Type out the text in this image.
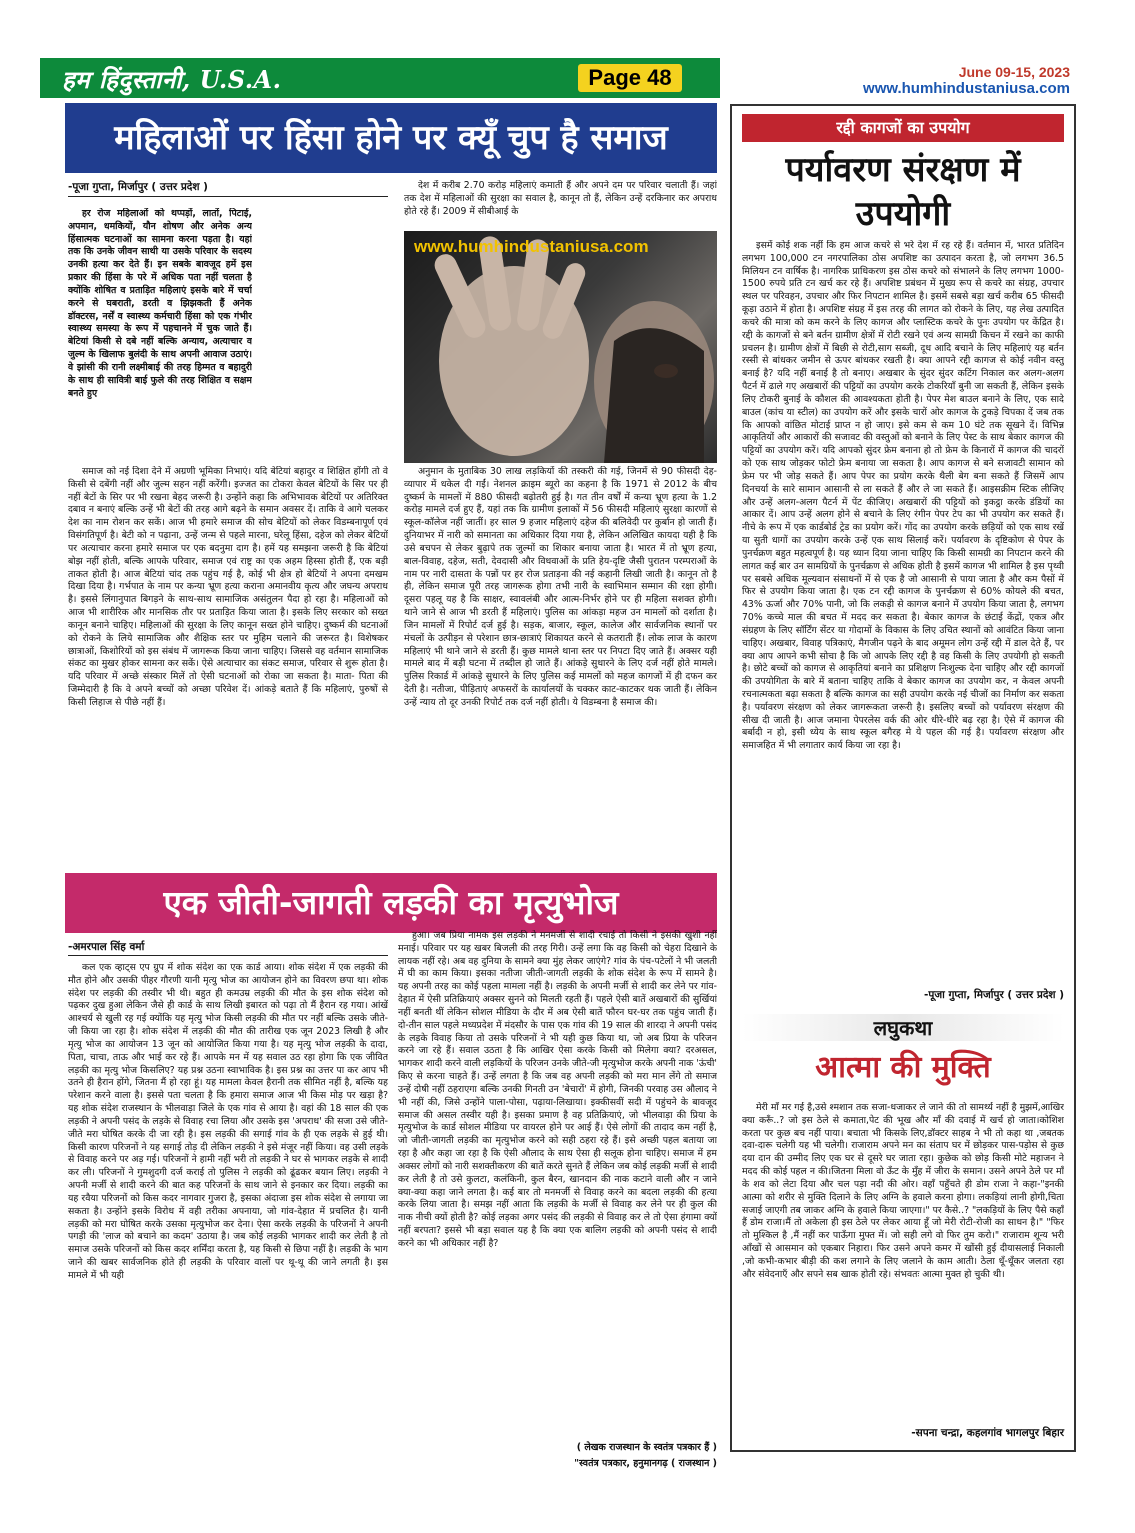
हम हिंदुस्तानी, U.S.A.	Page 48	June 09-15, 2023
www.humhindustaniusa.com
महिलाओं पर हिंसा होने पर क्यूँ चुप है समाज
-पूजा गुप्ता, मिर्जापुर ( उत्तर प्रदेश )

हर रोज महिलाओं को थप्पड़ों, लातों, पिटाई, अपमान, धमकियों, यौन शोषण और अनेक अन्य हिंसात्मक घटनाओं का सामना करना पड़ता है। यहां तक कि उनके जीवन साथी या उसके परिवार के सदस्य उनकी हत्या कर देते हैं। इन सबके बावजूद हमें इस प्रकार की हिंसा के परे में अधिक पता नहीं चलता है क्योंकि शोषित व प्रताड़ित महिलाएं इसके बारे में चर्चा करने से घबराती, डरती व झिझकती हैं अनेक डॉक्टरस, नर्सें व स्वास्थ्य कर्मचारी हिंसा को एक गंभीर स्वास्थ्य समस्या के रूप में पहचानने में चुक जाते हैं। बेटियां किसी से दबे नहीं बल्कि अन्याय, अत्याचार व जुल्म के खिलाफ बुलंदी के साथ अपनी आवाज उठाएं।वे झांसी की रानी लक्ष्मीबाई की तरह हिम्मत व बहादुरी के साथ ही सावित्री बाई फुले की तरह शिक्षित व सक्षम बनते हुए

देश में करीब 2.70 करोड़ महिलाएं कमाती हैं और अपने दम पर परिवार चलाती हैं। जहां तक देश में महिलाओं की सुरक्षा का सवाल है, कानून तो हैं, लेकिन उन्हें दरकिनार कर अपराध होते रहे हैं। 2009 में सीबीआई के

www.humhindustaniusa.com

समाज को नई दिशा देने में अग्रणी भूमिका निभाएं। यदि बेटियां बहादुर व शिक्षित होंगी तो वे किसी से दबेंगी नहीं और जुल्म सहन नहीं करेंगी। इज्जत का टोकरा केवल बेटियों के सिर पर ही नहीं बेटों के सिर पर भी रखना बेहद जरूरी है। उन्होंने कहा कि अभिभावक बेटियों पर अतिरिक्त दबाव न बनाएं बल्कि उन्हें भी बेटों की तरह आगे बढ़ने के समान अवसर दें। ताकि वे आगे चलकर देश का नाम रोशन कर सकें। आज भी हमारे समाज की सोच बेटियों को लेकर विडम्बनापूर्ण एवं विसंगतिपूर्ण है। बेटी को न पढ़ाना, उन्हें जन्म से पहले मारना, घरेलू हिंसा, दहेज को लेकर बेटियों पर अत्याचार करना हमारे समाज पर एक बदनुमा दाग है। हमें यह समझना जरूरी है कि बेटियां बोझ नहीं होती, बल्कि आपके परिवार, समाज एवं राष्ट्र का एक अहम हिस्सा होती हैं, एक बड़ी ताकत होती है। आज बेटियां चांद तक पहुंच गई है, कोई भी क्षेत्र हो बेटियों ने अपना दमखम दिखा दिया है। गर्भपात के नाम पर कन्या भ्रूण हत्या कराना अमानवीय कृत्य और जघन्य अपराध है। इससे लिंगानुपात बिगड़ने के साथ-साथ सामाजिक असंतुलन पैदा हो रहा है। महिलाओं को आज भी शारीरिक और मानसिक तौर पर प्रताड़ित किया जाता है। इसके लिए सरकार को सख्त कानून बनाने चाहिए। महिलाओं की सुरक्षा के लिए कानून सख्त होने चाहिए। दुष्कर्म की घटनाओं को रोकने के लिये सामाजिक और शैक्षिक स्तर पर मुहिम चलाने की जरूरत है। विशेषकर छात्राओं, किशोरियों को इस संबंध में जागरूक किया जाना चाहिए। जिससे वह वर्तमान सामाजिक संकट का मुखर होकर सामना कर सकें। ऐसे अत्याचार का संकट समाज, परिवार से शुरू होता है। यदि परिवार में अच्छे संस्कार मिलें तो ऐसी घटनाओं को रोका जा सकता है। माता- पिता की जिम्मेदारी है कि वे अपने बच्चों को अच्छा परिवेश दें। आंकड़े बताते हैं कि महिलाएं, पुरुषों से किसी लिहाज से पीछे नहीं हैं।

अनुमान के मुताबिक 30 लाख लड़कियों की तस्करी की गई, जिनमें से 90 फीसदी देह-व्यापार में धकेल दी गईं। नेशनल क्राइम ब्यूरो का कहना है कि 1971 से 2012 के बीच दुष्कर्म के मामलों में 880 फीसदी बढ़ोतरी हुई है। गत तीन वर्षों में कन्या भ्रूण हत्या के 1.2 करोड़ मामले दर्ज हुए हैं, यहां तक कि ग्रामीण इलाकों में 56 फीसदी महिलाएं सुरक्षा कारणों से स्कूल-कॉलेज नहीं जातीं। हर साल 9 हजार महिलाएं दहेज की बलिवेदी पर कुर्बान हो जाती हैं। दुनियाभर में नारी को समानता का अधिकार दिया गया है, लेकिन अलिखित कायदा यही है कि उसे बचपन से लेकर बुढ़ापे तक जुल्मों का शिकार बनाया जाता है। भारत में तो भ्रूण हत्या, बाल-विवाह, दहेज, सती, देवदासी और विधवाओं के प्रति हेय-दृष्टि जैसी पुरातन परम्पराओं के नाम पर नारी दासता के पन्नों पर हर रोज प्रताड़ना की नई कहानी लिखी जाती है। कानून तो है ही, लेकिन समाज पूरी तरह जागरूक होगा तभी नारी के स्वाभिमान सम्मान की रक्षा होगी। दूसरा पहलू यह है कि साक्षर, स्वावलंबी और आत्म-निर्भर होने पर ही महिला सशक्त होगी। थाने जाने से आज भी डरती हैं महिलाएं। पुलिस का आंकड़ा महज उन मामलों को दर्शाता है। जिन मामलों में रिपोर्ट दर्ज हुई है। सड़क, बाजार, स्कूल, कालेज और सार्वजनिक स्थानों पर मंचलों के उत्पीड़न से परेशान छात्र-छात्राएं शिकायत करने से कतराती हैं। लोक लाज के कारण महिलाएं भी थाने जाने से डरती हैं। कुछ मामले थाना स्तर पर निपटा दिए जाते हैं। अक्सर यही मामले बाद में बड़ी घटना में तब्दील हो जाते हैं। आंकड़े सुधारने के लिए दर्ज नहीं होते मामले। पुलिस रिकार्ड में आंकड़े सुधारने के लिए पुलिस कई मामलों को महज कागजों में ही दफन कर देती है। नतीजा, पीड़िताएं अफसरों के कार्यालयों के चक्कर काट-काटकर थक जाती हैं। लेकिन उन्हें न्याय तो दूर उनकी रिपोर्ट तक दर्ज नहीं होती। ये विडम्बना है समाज की।

एक जीती-जागती लड़की का मृत्युभोज
-अमरपाल सिंह वर्मा

कल एक व्हाट्स एप ग्रुप में शोक संदेश का एक कार्ड आया। शोक संदेश में एक लड़की की मौत होने और उसकी पीहर गौरणी यानी मृत्यु भोज का आयोजन होने का विवरण छपा था। शोक संदेश पर लड़की की तस्वीर भी थी। बहुत ही कमउम्र लड़की की मौत के इस शोक संदेश को पढ़कर दुख हुआ लेकिन जैसे ही कार्ड के साथ लिखी इबारत को पढ़ा तो मैं हैरान रह गया। आंखें आश्चर्य से खुली रह गई क्योंकि यह मृत्यु भोज किसी लड़की की मौत पर नहीं बल्कि उसके जीते-जी किया जा रहा है। शोक संदेश में लड़की की मौत की तारीख एक जून 2023 लिखी है और मृत्यु भोज का आयोजन 13 जून को आयोजित किया गया है। यह मृत्यु भोज लड़की के दादा, पिता, चाचा, ताऊ और भाई कर रहे हैं। आपके मन में यह सवाल उठ रहा होगा कि एक जीवित लड़की का मृत्यु भोज किसलिए? यह प्रश्न उठना स्वाभाविक है। इस प्रश्न का उत्तर पा कर आप भी उतने ही हैरान होंगे, जितना मैं हो रहा हूं। यह मामला केवल हैरानी तक सीमित नहीं है, बल्कि यह परेशान करने वाला है। इससे पता चलता है कि हमारा समाज आज भी किस मोड़ पर खड़ा है? यह शोक संदेश राजस्थान के भीलवाड़ा जिले के एक गांव से आया है। वहां की 18 साल की एक लड़की ने अपनी पसंद के लड़के से विवाह रचा लिया और उसके इस 'अपराध' की सजा उसे जीते-जीते मरा घोषित करके दी जा रही है। इस लड़की की सगाई गांव के ही एक लड़के से हुई थी। किसी कारण परिजनों ने यह सगाई तोड़ दी लेकिन लड़की ने इसे मंजूर नहीं किया। वह उसी लड़के से विवाह करने पर अड़ गई। परिजनों ने हामी नहीं भरी तो लड़की ने घर से भागकर लड़के से शादी कर ली। परिजनों ने गुमशुदगी दर्ज कराई तो पुलिस ने लड़की को ढूंढकर बयान लिए। लड़की ने अपनी मर्जी से शादी करने की बात कह परिजनों के साथ जाने से इनकार कर दिया। लड़की का यह रवैया परिजनों को किस कदर नागवार गुजरा है, इसका अंदाजा इस शोक संदेश से लगाया जा सकता है। उन्होंने इसके विरोध में वही तरीका अपनाया, जो गांव-देहात में प्रचलित है। यानी लड़की को मरा घोषित करके उसका मृत्युभोज कर देना। ऐसा करके लड़की के परिजनों ने अपनी पगड़ी की 'लाज को बचाने का कदम' उठाया है। जब कोई लड़की भागकर शादी कर लेती है तो समाज उसके परिजनों को किस कदर शर्मिंदा करता है, यह किसी से छिपा नहीं है। लड़की के भाग जाने की खबर सार्वजनिक होते ही लड़की के परिवार वालों पर थू-थू की जाने लगती है। इस मामले में भी यही

हुआ। जब प्रिया नामक इस लड़की ने मनमर्जी से शादी रचाई तो किसी ने इसकी खुशी नहीं मनाई। परिवार पर यह खबर बिजली की तरह गिरी। उन्हें लगा कि वह किसी को चेहरा दिखाने के लायक नहीं रहे। अब वह दुनिया के सामने क्या मुंह लेकर जाएंगे? गांव के पंच-पटेलों ने भी जलती में घी का काम किया। इसका नतीजा जीती-जागती लड़की के शोक संदेश के रूप में सामने है। यह अपनी तरह का कोई पहला मामला नहीं है। लड़की के अपनी मर्जी से शादी कर लेने पर गांव-देहात में ऐसी प्रतिक्रियाएं अक्सर सुनने को मिलती रहती हैं। पहले ऐसी बातें अखबारों की सुर्खियां नहीं बनती थीं लेकिन सोशल मीडिया के दौर में अब ऐसी बातें फौरन घर-घर तक पहुंच जाती हैं। दो-तीन साल पहले मध्यप्रदेश में मंदसौर के पास एक गांव की 19 साल की शारदा ने अपनी पसंद के लड़के विवाह किया तो उसके परिजनों ने भी यही कुछ किया था, जो अब प्रिया के परिजन करने जा रहे हैं। सवाल उठता है कि आखिर ऐसा करके किसी को मिलेगा क्या? दरअसल, भागकर शादी करने वाली लड़कियों के परिजन उनके जीते-जी मृत्युभोज करके अपनी नाक 'ऊंची' किए से करना चाहते हैं। उन्हें लगता है कि जब वह अपनी लड़की को मरा मान लेंगे तो समाज उन्हें दोषी नहीं ठहराएगा बल्कि उनकी गिनती उन 'बेचारों' में होगी, जिनकी परवाह उस औलाद ने भी नहीं की, जिसे उन्होंने पाला-पोसा, पढ़ाया-लिखाया। इक्कीसवीं सदी में पहुंचने के बावजूद समाज की असल तस्वीर यही है। इसका प्रमाण है वह प्रतिक्रियाएं, जो भीलवाड़ा की प्रिया के मृत्युभोज के कार्ड सोशल मीडिया पर वायरल होने पर आई हैं। ऐसे लोगों की तादाद कम नहीं है, जो जीती-जागती लड़की का मृत्युभोज करने को सही ठहरा रहे हैं। इसे अच्छी पहल बताया जा रहा है और कहा जा रहा है कि ऐसी औलाद के साथ ऐसा ही सलूक होना चाहिए। समाज में हम अक्सर लोगों को नारी सशक्तीकरण की बातें करते सुनते हैं लेकिन जब कोई लड़की मर्जी से शादी कर लेती है तो उसे कुलटा, कलंकिनी, कुल बैरन, खानदान की नाक कटाने वाली और न जाने क्या-क्या कहा जाने लगता है। कई बार तो मनमर्जी से विवाह करने का बदला लड़की की हत्या करके लिया जाता है। समझ नहीं आता कि लड़की के मर्जी से विवाह कर लेने पर ही कुल की नाक नीची क्यों होती है? कोई लड़का अगर पसंद की लड़की से विवाह कर ले तो ऐसा हंगामा क्यों नहीं बरपता? इससे भी बड़ा सवाल यह है कि क्या एक बालिग लड़की को अपनी पसंद से शादी करने का भी अधिकार नहीं है?

( लेखक राजस्थान के स्वतंत्र पत्रकार हैं )
"स्वतंत्र पत्रकार, हनुमानगढ़ ( राजस्थान )
रद्दी कागजों का उपयोग
पर्यावरण संरक्षण में उपयोगी

इसमें कोई शक नहीं कि हम आज कचरे से भरे देश में रह रहे हैं। वर्तमान में, भारत प्रतिदिन लगभग 100,000 टन नगरपालिका ठोस अपशिष्ट का उत्पादन करता है, जो लगभग 36.5 मिलियन टन वार्षिक है। नागरिक प्राधिकरण इस ठोस कचरे को संभालने के लिए लगभग 1000-1500 रुपये प्रति टन खर्च कर रहे हैं। अपशिष्ट प्रबंधन में मुख्य रूप से कचरे का संग्रह, उपचार स्थल पर परिवहन, उपचार और फिर निपटान शामिल है। इसमें सबसे बड़ा खर्च करीब 65 फीसदी कूड़ा उठाने में होता है। अपशिष्ट संग्रह में इस तरह की लागत को रोकने के लिए, यह लेख उत्पादित कचरे की मात्रा को कम करने के लिए कागज और प्लास्टिक कचरे के पुनः उपयोग पर केंद्रित है। रद्दी के कागजों से बने बर्तन ग्रामीण क्षेत्रों में रोटी रखने एवं अन्य सामग्री किचन में रखने का काफी प्रचलन है। ग्रामीण क्षेत्रों में बिछी से रोटी,साग सब्जी, दूध आदि बचाने के लिए महिलाएं यह बर्तन रस्सी से बांधकर जमीन से ऊपर बांधकर रखती है। क्या आपने रद्दी कागज से कोई नवीन वस्तु बनाई है? यदि नहीं बनाई है तो बनाए। अखबार के सुंदर सुंदर कटिंग निकाल कर अलग-अलग पैटर्न में ढाले गए अखबारों की पट्टियों का उपयोग करके टोकरियाँ बुनी जा सकती हैं, लेकिन इसके लिए टोकरी बुनाई के कौशल की आवश्यकता होती है। पेपर मेश बाउल बनाने के लिए, एक सादे बाउल (कांच या स्टील) का उपयोग करें और इसके चारों ओर कागज के टुकड़े चिपका दें जब तक कि आपको वांछित मोटाई प्राप्त न हो जाए। इसे कम से कम 10 घंटे तक सूखने दें। विभिन्न आकृतियों और आकारों की सजावट की वस्तुओं को बनाने के लिए पेस्ट के साथ बेकार कागज की पट्टियों का उपयोग करें। यदि आपको सुंदर फ्रेम बनाना हो तो फ्रेम के किनारों में कागज की चादरों को एक साथ जोड़कर फोटो फ्रेम बनाया जा सकता है। आप कागज से बने सजावटी सामान को फ्रेम पर भी जोड़ सकते हैं। आप पेपर का प्रयोग करके थैली बेग बना सकते हैं जिसमें आप दिनचर्या के सारे सामान आसानी से ला सकते हैं और ले जा सकते हैं। आइसक्रीम स्टिक लीजिए और उन्हें अलग-अलग पैटर्न में पेंट कीजिए। अखबारों की पट्टियों को इकट्ठा करके डंडियों का आकार दें। आप उन्हें अलग होने से बचाने के लिए रंगीन पेपर टेप का भी उपयोग कर सकते हैं। नीचे के रूप में एक कार्डबोर्ड ट्रेड का प्रयोग करें। गोंद का उपयोग करके छड़ियों को एक साथ रखें या सुती धागों का उपयोग करके उन्हें एक साथ सिलाई करें। पर्यावरण के दृष्टिकोण से पेपर के पुनर्चक्रण बहुत महत्वपूर्ण है। यह ध्यान दिया जाना चाहिए कि किसी सामग्री का निपटान करने की लागत कई बार उन सामग्रियों के पुनर्चक्रण से अधिक होती है इसमें कागज भी शामिल है इस पृथ्वी पर सबसे अधिक मूल्यवान संसाधनों में से एक है जो आसानी से पाया जाता है और कम पैसों में फिर से उपयोग किया जाता है। एक टन रद्दी कागज के पुनर्चक्रण से 60% कोयले की बचत, 43% ऊर्जा और 70% पानी, जो कि लकड़ी से कागज बनाने में उपयोग किया जाता है, लगभग 70% कच्चे माल की बचत में मदद कर सकता है। बेकार कागज के छंटाई केंद्रों, एकत्र और संग्रहण के लिए सॉर्टिंग सेंटर या गोदामों के विकास के लिए उचित स्थानों को आवंटित किया जाना चाहिए। अखबार, विवाह पत्रिकाएं, मैगजीन पढ़ने के बाद अमूमन लोग उन्हें रद्दी में डाल देते हैं, पर क्या आप आपने कभी सोचा है कि जो आपके लिए रद्दी है वह किसी के लिए उपयोगी हो सकती है। छोटे बच्चों को कागज से आकृतियां बनाने का प्रशिक्षण निःशुल्क देना चाहिए और रद्दी कागजों की उपयोगिता के बारे में बताना चाहिए ताकि वे बेकार कागज का उपयोग कर, न केवल अपनी रचनात्मकता बढ़ा सकता है बल्कि कागज का सही उपयोग करके नई चीजों का निर्माण कर सकता है। पर्यावरण संरक्षण को लेकर जागरूकता जरूरी है। इसलिए बच्चों को पर्यावरण संरक्षण की सीख दी जाती है। आज जमाना पेपरलेस वर्क की ओर धीरे-धीरे बढ़ रहा है। ऐसे में कागज की बर्बादी न हो, इसी ध्येय के साथ स्कूल बगैरह मे ये पहल की गई है। पर्यावरण संरक्षण और समाजहित में भी लगातार कार्य किया जा रहा है।

-पूजा गुप्ता, मिर्जापुर ( उत्तर प्रदेश )
लघुकथा
आत्मा की मुक्ति

मेरी माँ मर गई है,उसे श्मशान तक सजा-धजाकर ले जाने की तो सामर्थ्य नहीं है मुझमें,आखिर क्या करूँ..? जो इस ठेले से कमाता,पेट की भूख और माँ की दवाई में खर्च हो जाता।कोशिश करता पर कुछ बच नहीं पाया। बचाता भी किसके लिए,डॉक्टर साहब ने भी तो कहा था ,जबतक दवा-दारू चलेगी यह भी चलेगी। राजाराम अपने मन का संताप घर में छोड़कर पास-पड़ोस से कुछ दया दान की उम्मीद लिए एक घर से दूसरे घर जाता रहा। कुछेक को छोड़ किसी मोटे महाजन ने मदद की कोई पहल न की।जितना मिला वो ऊँट के मुँह में जीरा के समान। उसने अपने ठेले पर माँ के शव को लेटा दिया और चल पड़ा नदी की ओर। वहाँ पहुँचते ही डोम राजा ने कहा-"इनकी आत्मा को शरीर से मुक्ति दिलाने के लिए अग्नि के हवाले करना होगा। लकड़ियां लानी होगी,चिता सजाई जाएगी तब जाकर अग्नि के हवाले किया जाएगा।" पर कैसे..? "लकड़ियों के लिए पैसे कहाँ हैं डोम राजा।मैं तो अकेला ही इस ठेले पर लेकर आया हूँ जो मेरी रोटी-रोजी का साधन है।" "फिर तो मुश्किल है ,मैं नहीं कर पाऊँगा मुफ्त में। जो सही लगे वो फिर तुम करो।" राजाराम शून्य भरी आँखों से आसमान को एकबार निहारा। फिर उसने अपने कमर में खोंसी हुई दीयासलाई निकाली ,जो कभी-कभार बीड़ी की कश लगाने के लिए जलाने के काम आती। ठेला धूँ-धूँकर जलता रहा और संवेदनाएँ और सपने सब खाक होती रहे। संभवतः आत्मा मुक्त हो चुकी थी।

-सपना चन्द्रा, कहलगांव भागलपुर बिहार
